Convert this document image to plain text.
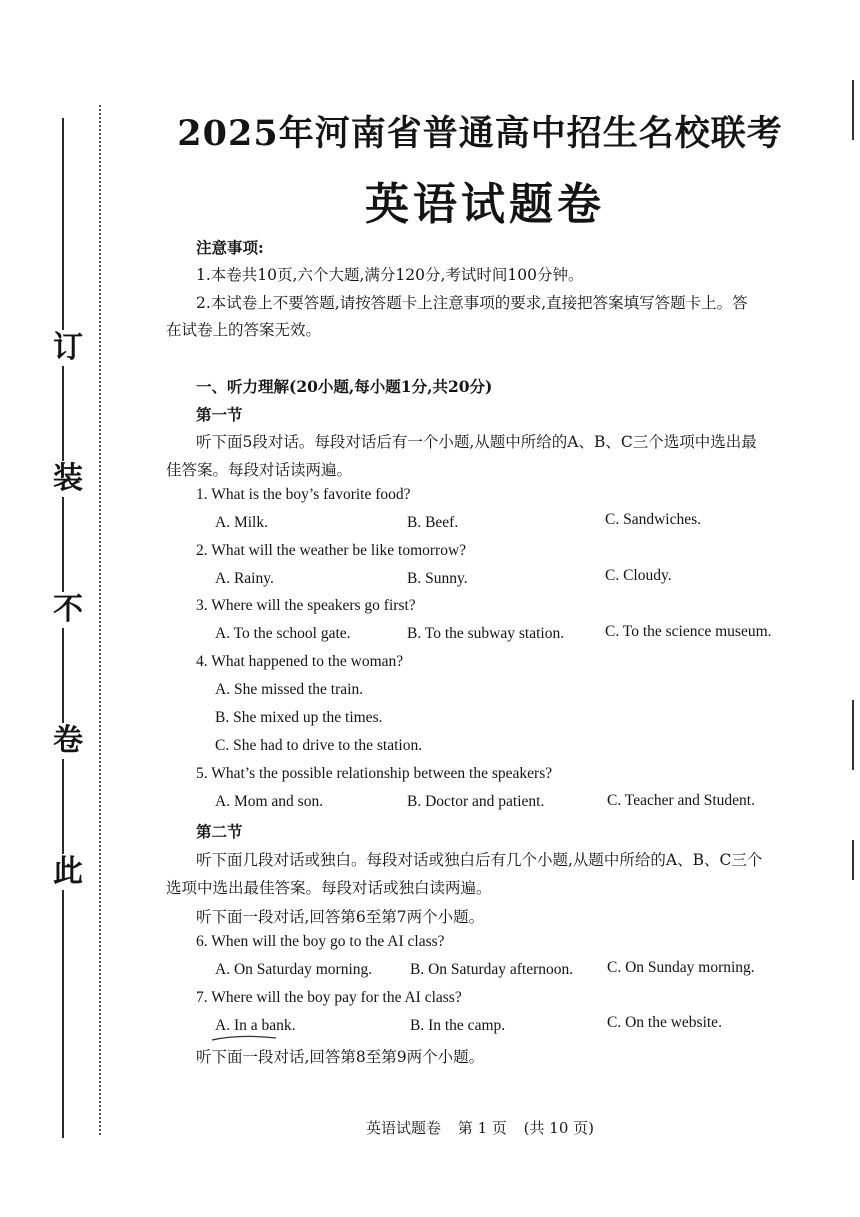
订
装
不
卷
此
2025年河南省普通高中招生名校联考
英语试题卷
注意事项:
1.本卷共10页,六个大题,满分120分,考试时间100分钟。
2.本试卷上不要答题,请按答题卡上注意事项的要求,直接把答案填写答题卡上。答
在试卷上的答案无效。
一、听力理解(20小题,每小题1分,共20分)
第一节
听下面5段对话。每段对话后有一个小题,从题中所给的A、B、C三个选项中选出最
佳答案。每段对话读两遍。
1. What is the boy’s favorite food?
A. Milk.	B. Beef.	C. Sandwiches.
2. What will the weather be like tomorrow?
A. Rainy.	B. Sunny.	C. Cloudy.
3. Where will the speakers go first?
A. To the school gate.	B. To the subway station.	C. To the science museum.
4. What happened to the woman?
A. She missed the train.
B. She mixed up the times.
C. She had to drive to the station.
5. What’s the possible relationship between the speakers?
A. Mom and son.	B. Doctor and patient.	C. Teacher and Student.
第二节
听下面几段对话或独白。每段对话或独白后有几个小题,从题中所给的A、B、C三个
选项中选出最佳答案。每段对话或独白读两遍。
听下面一段对话,回答第6至第7两个小题。
6. When will the boy go to the AI class?
A. On Saturday morning. B. On Saturday afternoon. C. On Sunday morning.
7. Where will the boy pay for the AI class?
A. In a bank.	B. In the camp.	C. On the website.
听下面一段对话,回答第8至第9两个小题。
英语试题卷 第 1 页 (共 10 页)
